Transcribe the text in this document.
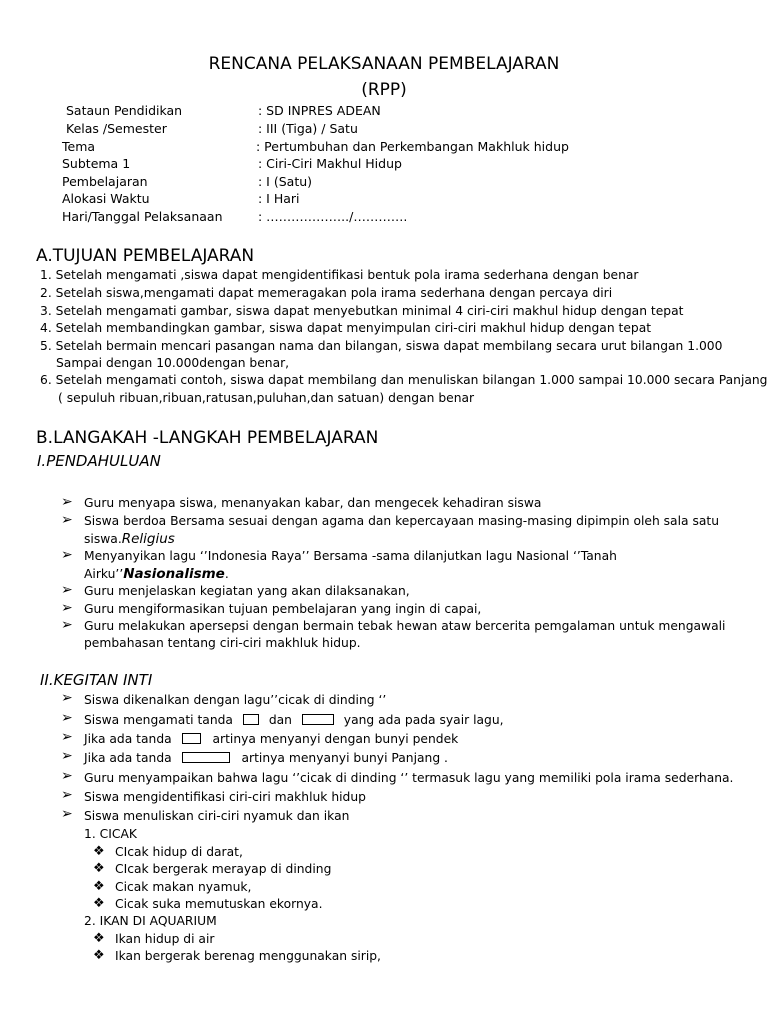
RENCANA PELAKSANAAN PEMBELAJARAN
(RPP)
Sataun Pendidikan	: SD INPRES ADEAN
Kelas /Semester	: III (Tiga) / Satu
Tema	: Pertumbuhan dan Perkembangan Makhluk hidup
Subtema 1	: Ciri-Ciri Makhul Hidup
Pembelajaran	: I (Satu)
Alokasi Waktu	: I Hari
Hari/Tanggal Pelaksanaan	: ………………../………….
A.TUJUAN PEMBELAJARAN
1. Setelah mengamati ,siswa dapat mengidentifikasi bentuk pola irama sederhana dengan benar
2. Setelah siswa,mengamati dapat memeragakan pola irama sederhana dengan percaya diri
3. Setelah mengamati gambar, siswa dapat menyebutkan minimal 4 ciri-ciri makhul hidup dengan tepat
4. Setelah membandingkan gambar, siswa dapat menyimpulan ciri-ciri makhul hidup dengan tepat
5. Setelah bermain mencari pasangan nama dan bilangan, siswa dapat membilang secara urut bilangan 1.000
Sampai dengan 10.000dengan benar,
6. Setelah mengamati contoh, siswa dapat membilang dan menuliskan bilangan 1.000 sampai 10.000 secara Panjang
( sepuluh ribuan,ribuan,ratusan,puluhan,dan satuan) dengan benar
B.LANGAKAH -LANGKAH PEMBELAJARAN
I.PENDAHULUAN
➢ Guru menyapa siswa, menanyakan kabar, dan mengecek kehadiran siswa
➢ Siswa berdoa Bersama sesuai dengan agama dan kepercayaan masing-masing dipimpin oleh sala satu
siswa.Religius
➢ Menyanyikan lagu ‘’Indonesia Raya’’ Bersama -sama dilanjutkan lagu Nasional ‘’Tanah
Airku’’Nasionalisme.
➢ Guru menjelaskan kegiatan yang akan dilaksanakan,
➢ Guru mengiformasikan tujuan pembelajaran yang ingin di capai,
➢ Guru melakukan apersepsi dengan bermain tebak hewan ataw bercerita pemgalaman untuk mengawali
pembahasan tentang ciri-ciri makhluk hidup.
II.KEGITAN INTI
➢ Siswa dikenalkan dengan lagu’’cicak di dinding ‘’
➢ Siswa mengamati tanda	dan	yang ada pada syair lagu,
➢ Jika ada tanda	artinya menyanyi dengan bunyi pendek
➢ Jika ada tanda	artinya menyanyi bunyi Panjang .
➢ Guru menyampaikan bahwa lagu ‘’cicak di dinding ‘’ termasuk lagu yang memiliki pola irama sederhana.
➢ Siswa mengidentifikasi ciri-ciri makhluk hidup
➢ Siswa menuliskan ciri-ciri nyamuk dan ikan
1. CICAK
❖ CIcak hidup di darat,
❖ CIcak bergerak merayap di dinding
❖ Cicak makan nyamuk,
❖ Cicak suka memutuskan ekornya.
2. IKAN DI AQUARIUM
❖ Ikan hidup di air
❖ Ikan bergerak berenag menggunakan sirip,
